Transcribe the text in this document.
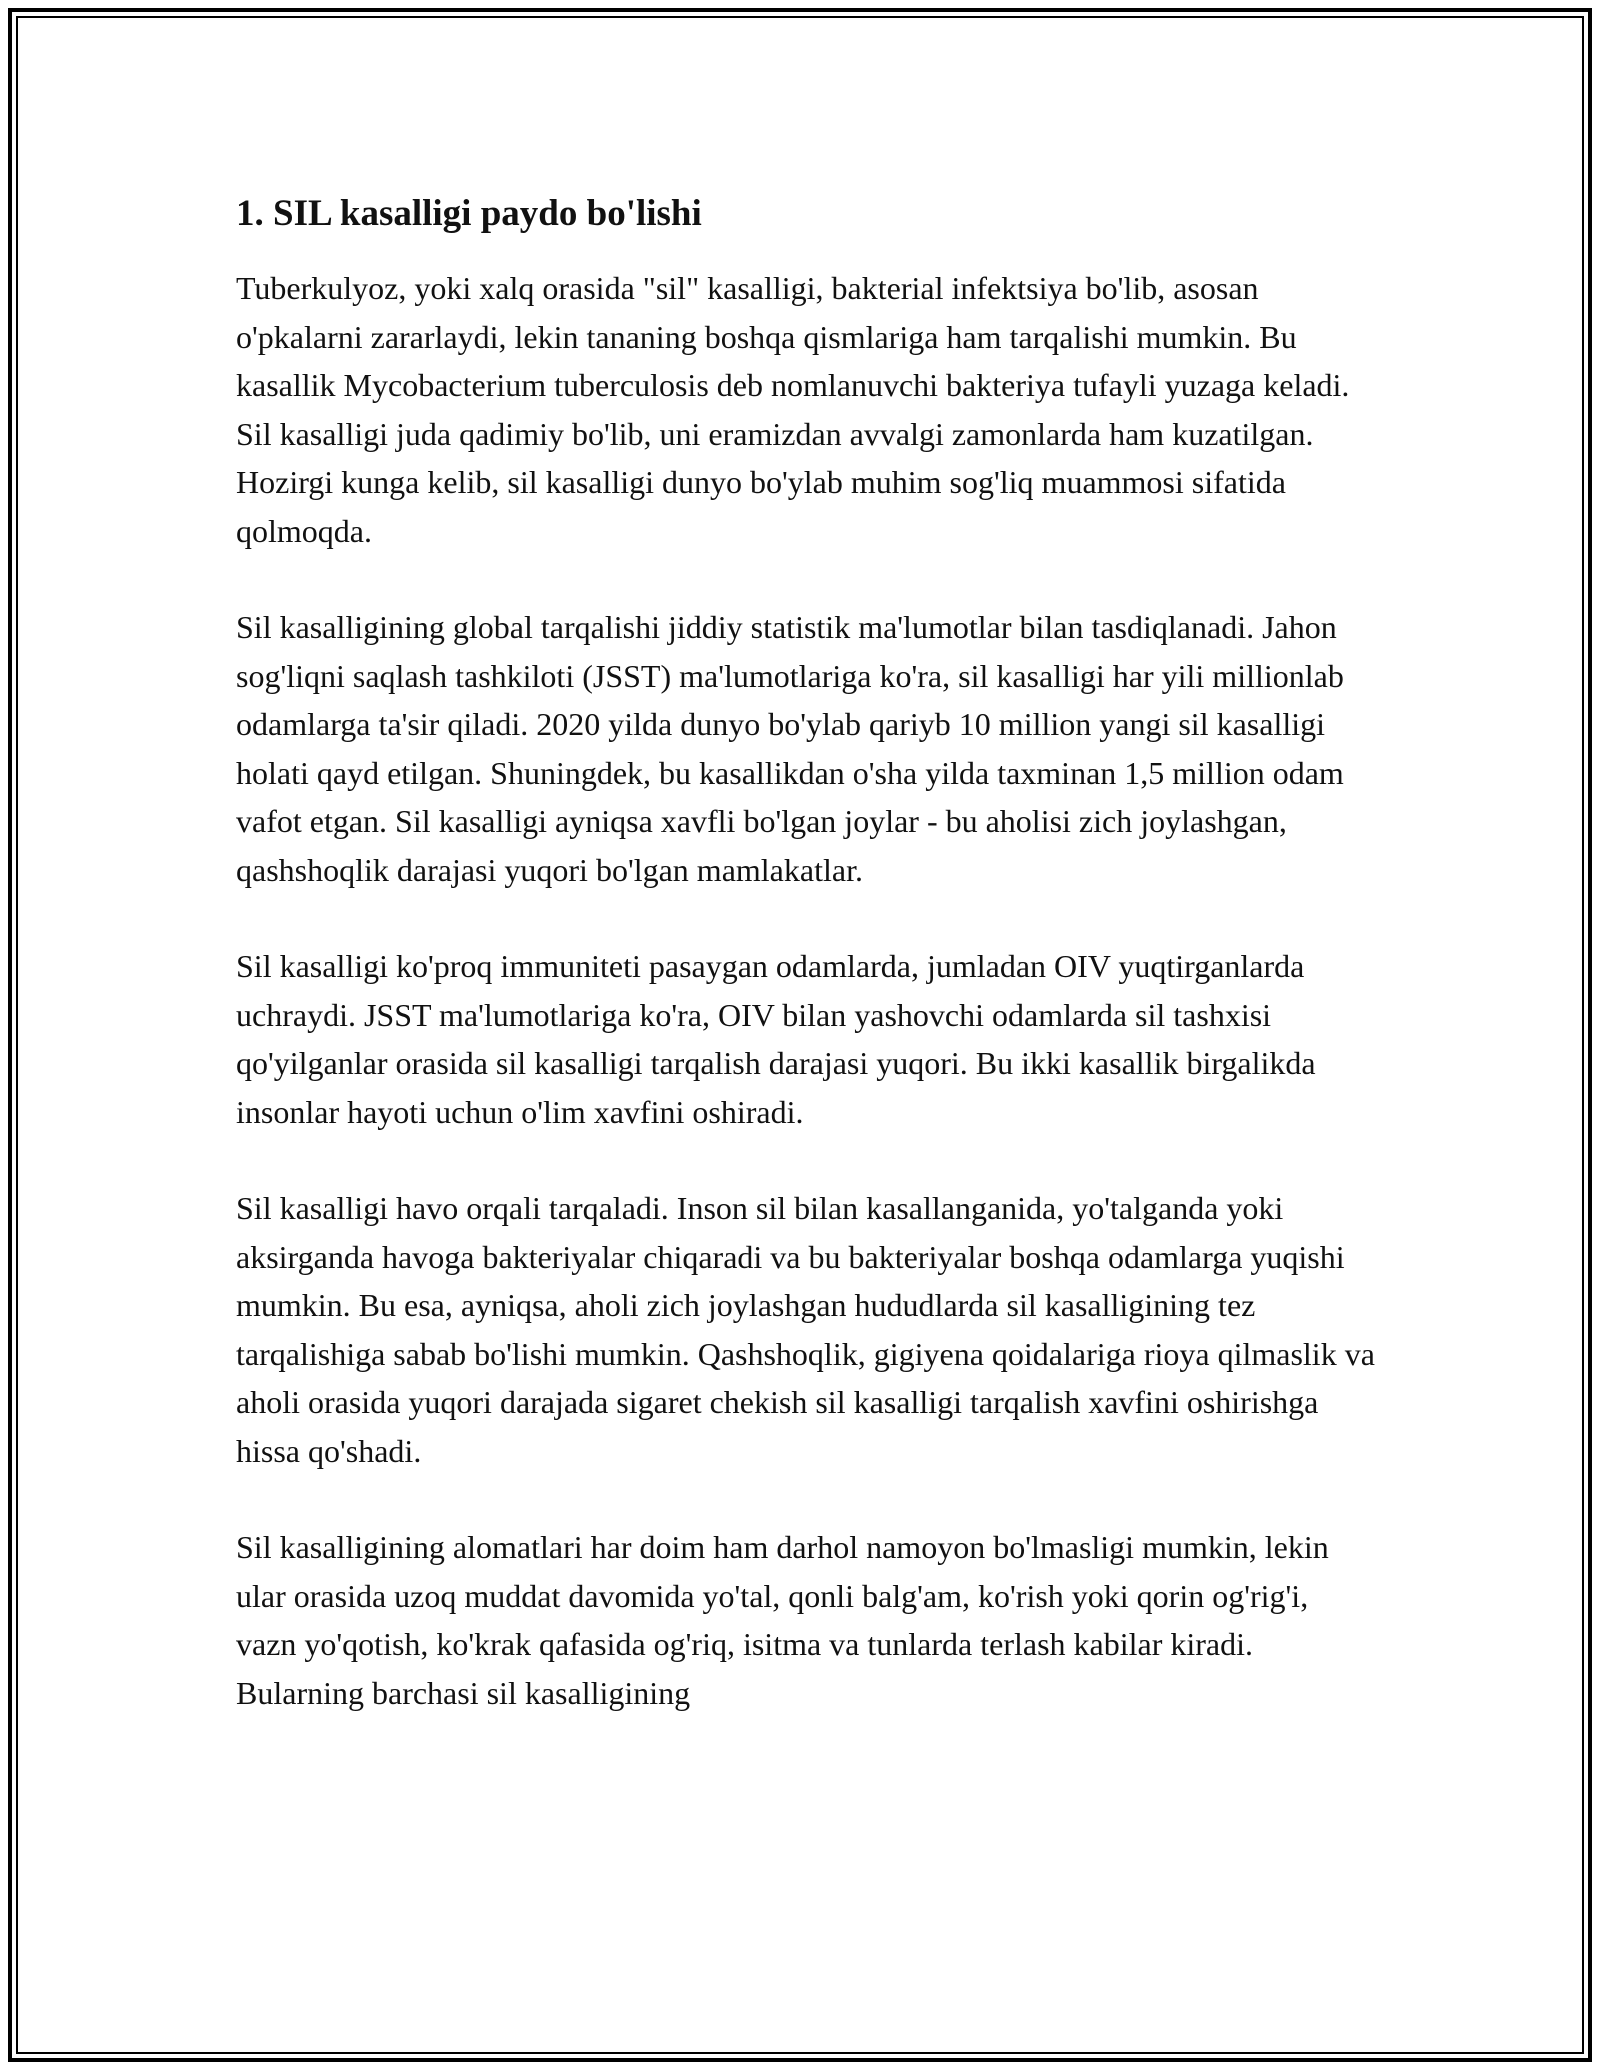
1. SIL kasalligi paydo bo'lishi

Tuberkulyoz, yoki xalq orasida "sil" kasalligi, bakterial infektsiya bo'lib, asosan o'pkalarni zararlaydi, lekin tananing boshqa qismlariga ham tarqalishi mumkin. Bu kasallik Mycobacterium tuberculosis deb nomlanuvchi bakteriya tufayli yuzaga keladi. Sil kasalligi juda qadimiy bo'lib, uni eramizdan avvalgi zamonlarda ham kuzatilgan. Hozirgi kunga kelib, sil kasalligi dunyo bo'ylab muhim sog'liq muammosi sifatida qolmoqda.

Sil kasalligining global tarqalishi jiddiy statistik ma'lumotlar bilan tasdiqlanadi. Jahon sog'liqni saqlash tashkiloti (JSST) ma'lumotlariga ko'ra, sil kasalligi har yili millionlab odamlarga ta'sir qiladi. 2020 yilda dunyo bo'ylab qariyb 10 million yangi sil kasalligi holati qayd etilgan. Shuningdek, bu kasallikdan o'sha yilda taxminan 1,5 million odam vafot etgan. Sil kasalligi ayniqsa xavfli bo'lgan joylar - bu aholisi zich joylashgan, qashshoqlik darajasi yuqori bo'lgan mamlakatlar.

Sil kasalligi ko'proq immuniteti pasaygan odamlarda, jumladan OIV yuqtirganlarda uchraydi. JSST ma'lumotlariga ko'ra, OIV bilan yashovchi odamlarda sil tashxisi qo'yilganlar orasida sil kasalligi tarqalish darajasi yuqori. Bu ikki kasallik birgalikda insonlar hayoti uchun o'lim xavfini oshiradi.

Sil kasalligi havo orqali tarqaladi. Inson sil bilan kasallanganida, yo'talganda yoki aksirganda havoga bakteriyalar chiqaradi va bu bakteriyalar boshqa odamlarga yuqishi mumkin. Bu esa, ayniqsa, aholi zich joylashgan hududlarda sil kasalligining tez tarqalishiga sabab bo'lishi mumkin. Qashshoqlik, gigiyena qoidalariga rioya qilmaslik va aholi orasida yuqori darajada sigaret chekish sil kasalligi tarqalish xavfini oshirishga hissa qo'shadi.

Sil kasalligining alomatlari har doim ham darhol namoyon bo'lmasligi mumkin, lekin ular orasida uzoq muddat davomida yo'tal, qonli balg'am, ko'rish yoki qorin og'rig'i, vazn yo'qotish, ko'krak qafasida og'riq, isitma va tunlarda terlash kabilar kiradi. Bularning barchasi sil kasalligining
